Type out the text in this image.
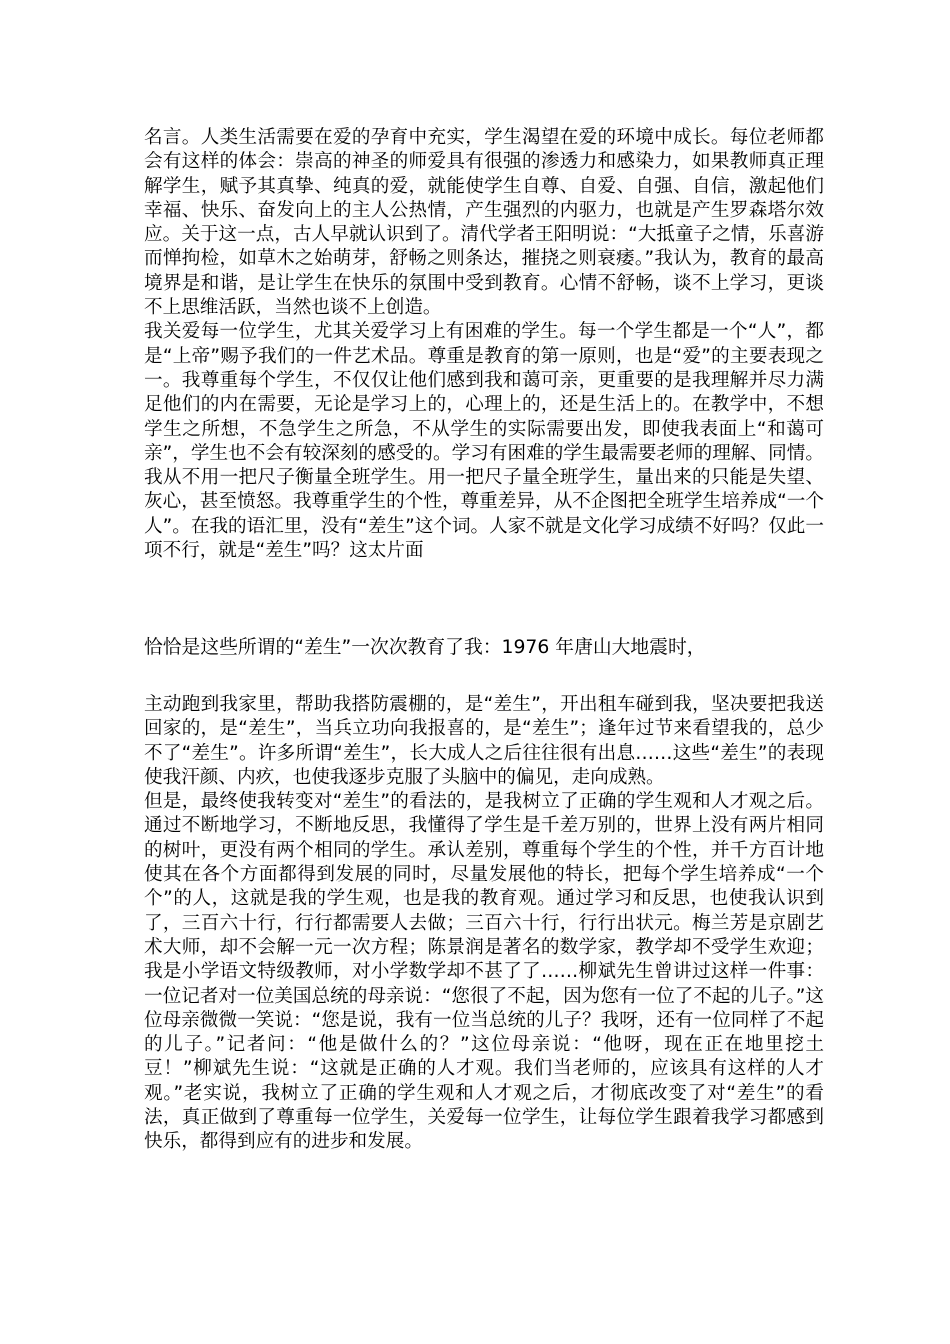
名言。人类生活需要在爱的孕育中充实，学生渴望在爱的环境中成长。每位老师都会有这样的体会：崇高的神圣的师爱具有很强的渗透力和感染力，如果教师真正理解学生，赋予其真挚、纯真的爱，就能使学生自尊、自爱、自强、自信，激起他们幸福、快乐、奋发向上的主人公热情，产生强烈的内驱力，也就是产生罗森塔尔效应。关于这一点，古人早就认识到了。清代学者王阳明说：“大抵童子之情，乐喜游而惮拘检，如草木之始萌芽，舒畅之则条达，摧挠之则衰痿。”我认为，教育的最高境界是和谐，是让学生在快乐的氛围中受到教育。心情不舒畅，谈不上学习，更谈不上思维活跃，当然也谈不上创造。

我关爱每一位学生，尤其关爱学习上有困难的学生。每一个学生都是一个“人”，都是“上帝”赐予我们的一件艺术品。尊重是教育的第一原则，也是“爱”的主要表现之一。我尊重每个学生，不仅仅让他们感到我和蔼可亲，更重要的是我理解并尽力满足他们的内在需要，无论是学习上的，心理上的，还是生活上的。在教学中，不想学生之所想，不急学生之所急，不从学生的实际需要出发，即使我表面上“和蔼可亲”，学生也不会有较深刻的感受的。学习有困难的学生最需要老师的理解、同情。我从不用一把尺子衡量全班学生。用一把尺子量全班学生，量出来的只能是失望、灰心，甚至愤怒。我尊重学生的个性，尊重差异，从不企图把全班学生培养成“一个人”。在我的语汇里，没有“差生”这个词。人家不就是文化学习成绩不好吗？仅此一项不行，就是“差生”吗？这太片面

恰恰是这些所谓的“差生”一次次教育了我：1976 年唐山大地震时，

主动跑到我家里，帮助我搭防震棚的，是“差生”，开出租车碰到我，坚决要把我送回家的，是“差生”，当兵立功向我报喜的，是“差生”；逢年过节来看望我的，总少不了“差生”。许多所谓“差生”，长大成人之后往往很有出息……这些“差生”的表现使我汗颜、内疚，也使我逐步克服了头脑中的偏见，走向成熟。

但是，最终使我转变对“差生”的看法的，是我树立了正确的学生观和人才观之后。通过不断地学习，不断地反思，我懂得了学生是千差万别的，世界上没有两片相同的树叶，更没有两个相同的学生。承认差别，尊重每个学生的个性，并千方百计地使其在各个方面都得到发展的同时，尽量发展他的特长，把每个学生培养成“一个个”的人，这就是我的学生观，也是我的教育观。通过学习和反思，也使我认识到了，三百六十行，行行都需要人去做；三百六十行，行行出状元。梅兰芳是京剧艺术大师，却不会解一元一次方程；陈景润是著名的数学家，教学却不受学生欢迎；我是小学语文特级教师，对小学数学却不甚了了……柳斌先生曾讲过这样一件事：一位记者对一位美国总统的母亲说：“您很了不起，因为您有一位了不起的儿子。”这位母亲微微一笑说：“您是说，我有一位当总统的儿子？我呀，还有一位同样了不起的儿子。”记者问：“他是做什么的？”这位母亲说：“他呀，现在正在地里挖土豆！”柳斌先生说：“这就是正确的人才观。我们当老师的，应该具有这样的人才观。”老实说，我树立了正确的学生观和人才观之后，才彻底改变了对“差生”的看法，真正做到了尊重每一位学生，关爱每一位学生，让每位学生跟着我学习都感到快乐，都得到应有的进步和发展。
